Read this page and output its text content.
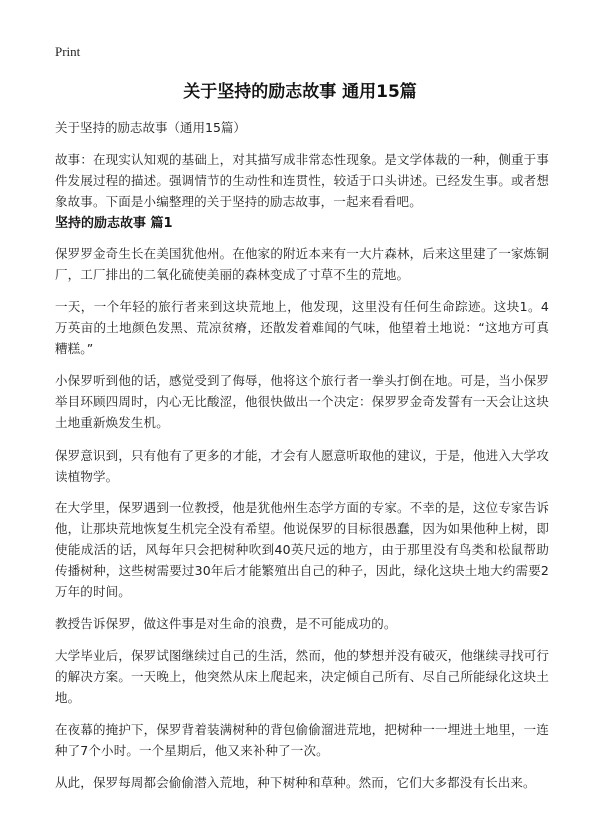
Print
关于坚持的励志故事 通用15篇

关于坚持的励志故事（通用15篇）

故事：在现实认知观的基础上，对其描写成非常态性现象。是文学体裁的一种，侧重于事件发展过程的描述。强调情节的生动性和连贯性，较适于口头讲述。已经发生事。或者想象故事。下面是小编整理的关于坚持的励志故事，一起来看看吧。

坚持的励志故事 篇1

保罗罗金奇生长在美国犹他州。在他家的附近本来有一大片森林，后来这里建了一家炼铜厂，工厂排出的二氧化硫使美丽的森林变成了寸草不生的荒地。

一天，一个年轻的旅行者来到这块荒地上，他发现，这里没有任何生命踪迹。这块1。4万英亩的土地颜色发黑、荒凉贫瘠，还散发着难闻的气味，他望着土地说：“这地方可真糟糕。”

小保罗听到他的话，感觉受到了侮辱，他将这个旅行者一拳头打倒在地。可是，当小保罗举目环顾四周时，内心无比酸涩，他很快做出一个决定：保罗罗金奇发誓有一天会让这块土地重新焕发生机。

保罗意识到，只有他有了更多的才能，才会有人愿意听取他的建议，于是，他进入大学攻读植物学。

在大学里，保罗遇到一位教授，他是犹他州生态学方面的专家。不幸的是，这位专家告诉他，让那块荒地恢复生机完全没有希望。他说保罗的目标很愚蠢，因为如果他种上树，即使能成活的话，风每年只会把树种吹到40英尺远的地方，由于那里没有鸟类和松鼠帮助传播树种，这些树需要过30年后才能繁殖出自己的种子，因此，绿化这块土地大约需要2万年的时间。

教授告诉保罗，做这件事是对生命的浪费，是不可能成功的。

大学毕业后，保罗试图继续过自己的生活，然而，他的梦想并没有破灭，他继续寻找可行的解决方案。一天晚上，他突然从床上爬起来，决定倾自己所有、尽自己所能绿化这块土地。

在夜幕的掩护下，保罗背着装满树种的背包偷偷溜进荒地，把树种一一埋进土地里，一连种了7个小时。一个星期后，他又来补种了一次。

从此，保罗每周都会偷偷潜入荒地，种下树种和草种。然而，它们大多都没有长出来。
